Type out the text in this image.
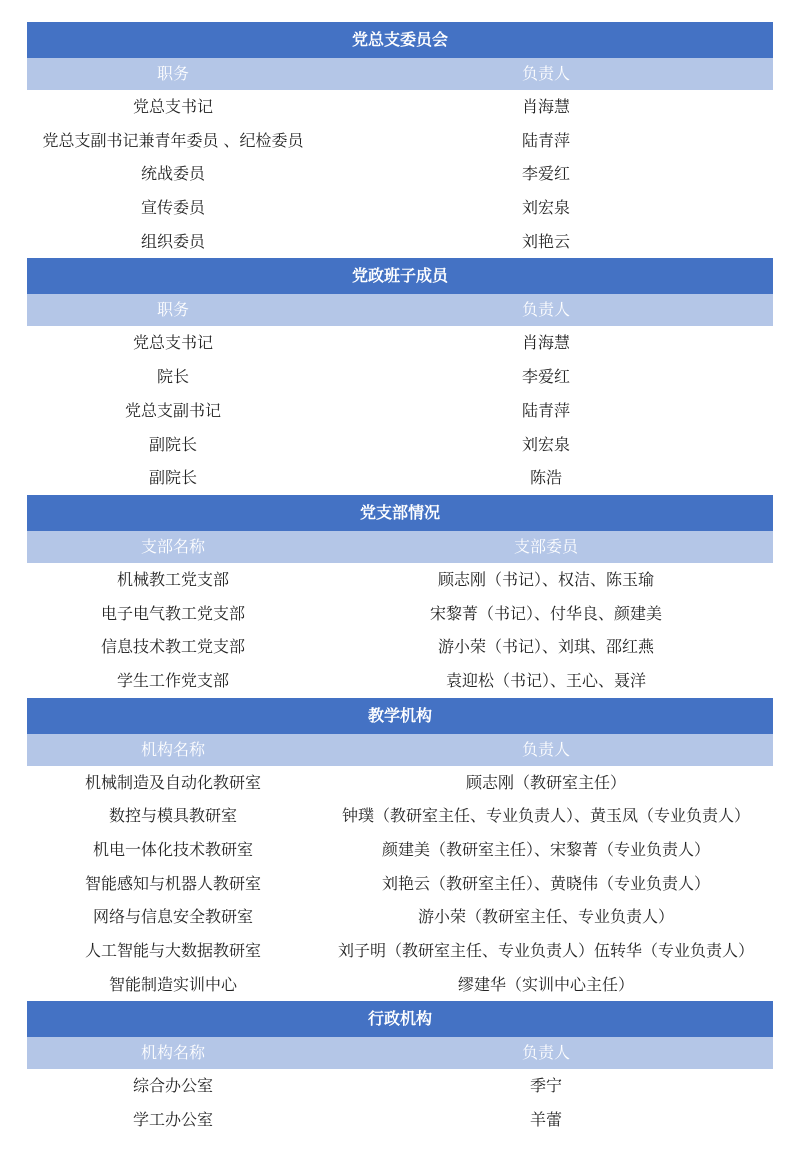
党总支委员会
职务	负责人
党总支书记	肖海慧
党总支副书记兼青年委员 、纪检委员	陆青萍
统战委员	李爱红
宣传委员	刘宏泉
组织委员	刘艳云
党政班子成员
职务	负责人
党总支书记	肖海慧
院长	李爱红
党总支副书记	陆青萍
副院长	刘宏泉
副院长	陈浩
党支部情况
支部名称	支部委员
机械教工党支部	顾志刚（书记）、权洁、陈玉瑜
电子电气教工党支部	宋黎菁（书记）、付华良、颜建美
信息技术教工党支部	游小荣（书记）、刘琪、邵红燕
学生工作党支部	袁迎松（书记）、王心、聂洋
教学机构
机构名称	负责人
机械制造及自动化教研室	顾志刚（教研室主任）
数控与模具教研室	钟璞（教研室主任、专业负责人）、黄玉凤（专业负责人）
机电一体化技术教研室	颜建美（教研室主任）、宋黎菁（专业负责人）
智能感知与机器人教研室	刘艳云（教研室主任）、黄晓伟（专业负责人）
网络与信息安全教研室	游小荣（教研室主任、专业负责人）
人工智能与大数据教研室	刘子明（教研室主任、专业负责人）伍转华（专业负责人）
智能制造实训中心	缪建华（实训中心主任）
行政机构
机构名称	负责人
综合办公室	季宁
学工办公室	羊蕾
